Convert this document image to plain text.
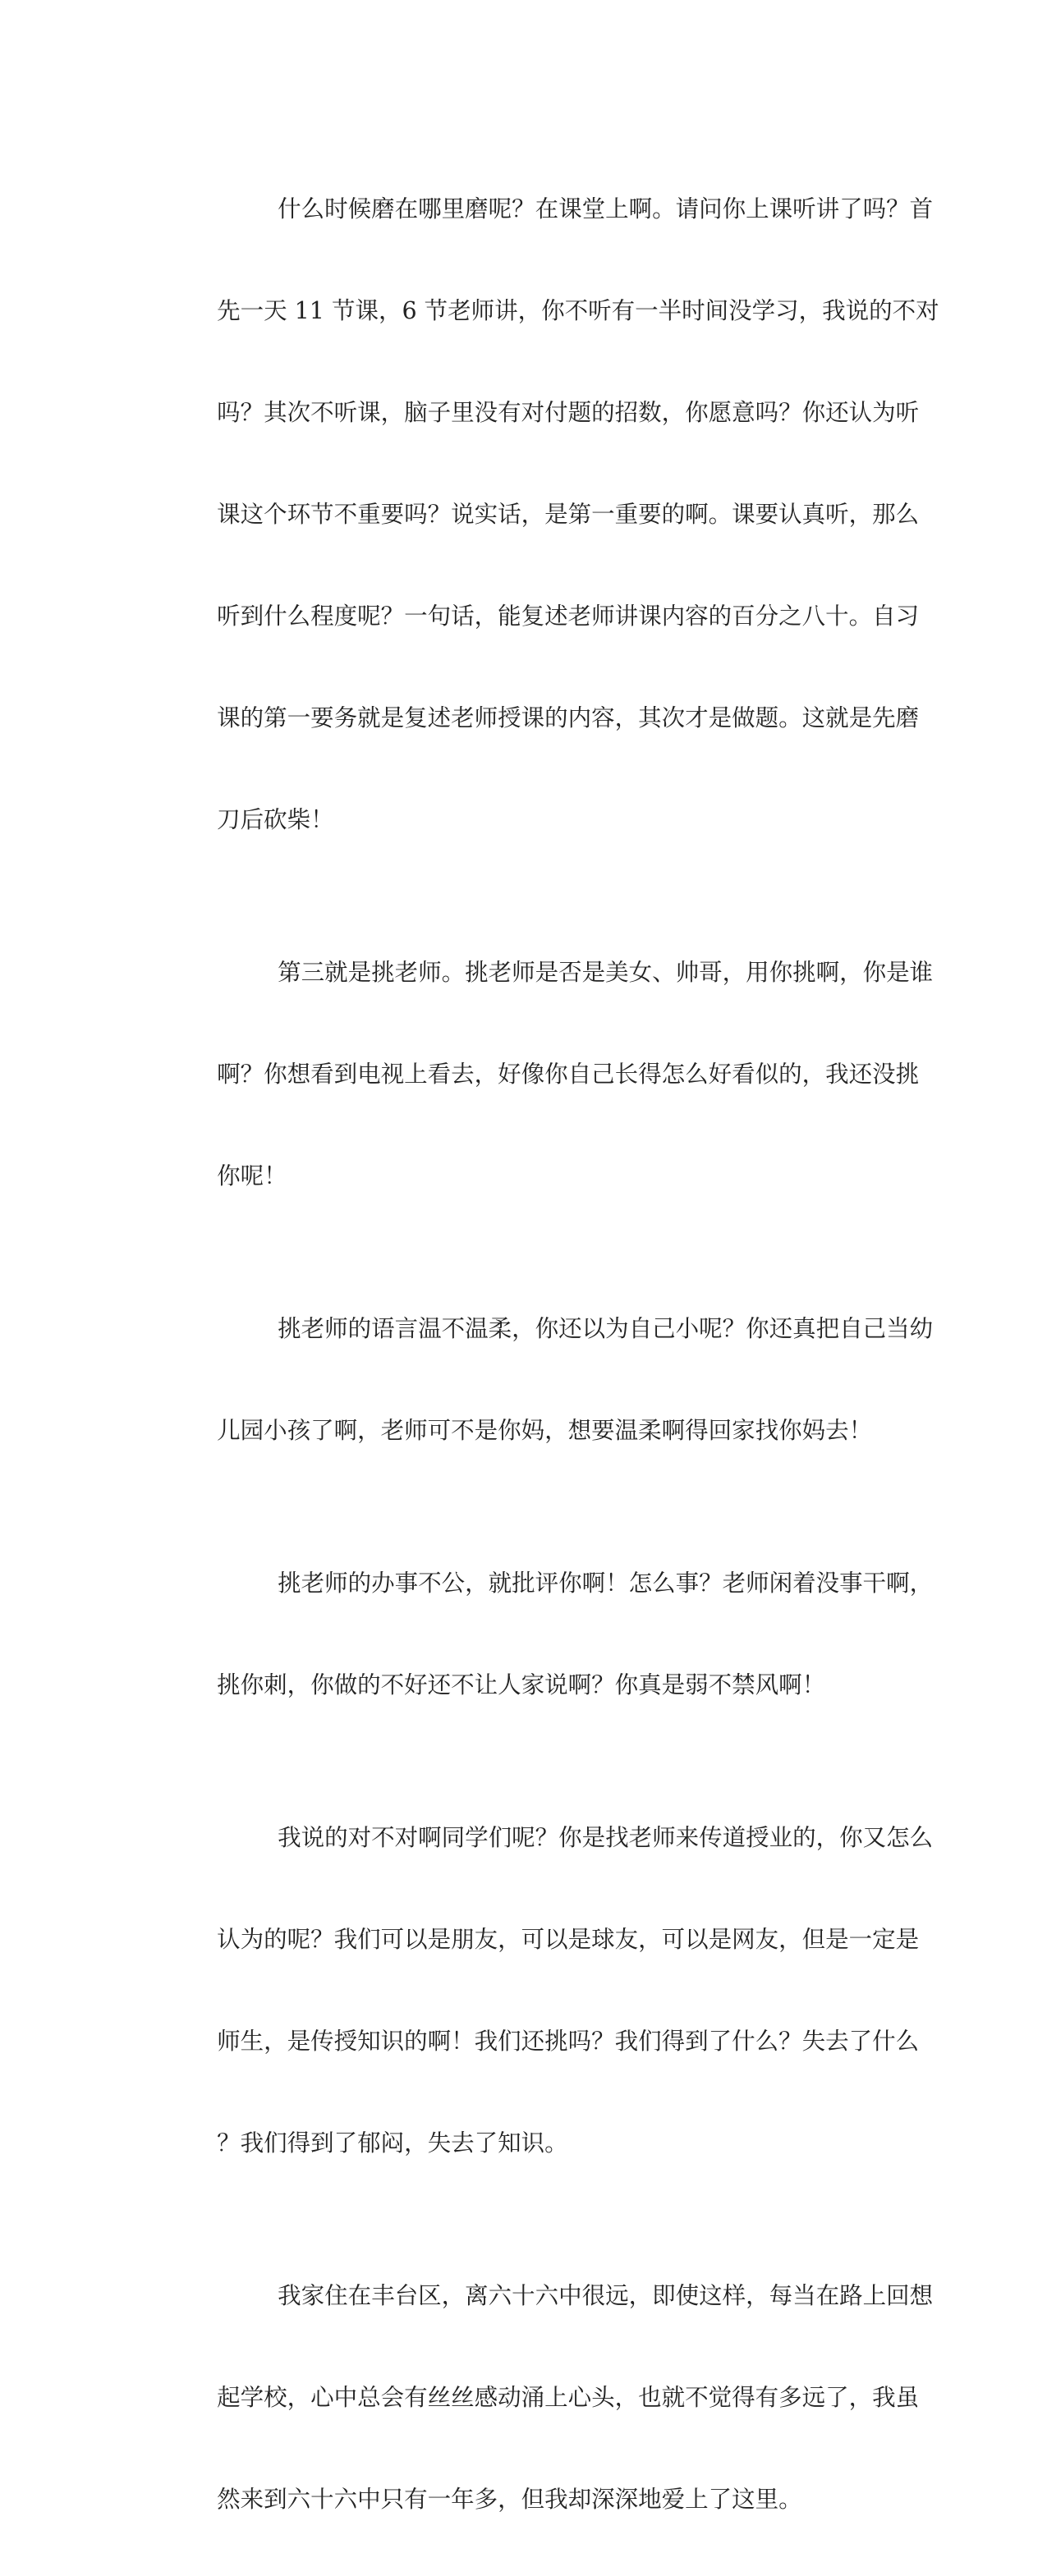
什么时候磨在哪里磨呢？在课堂上啊。请问你上课听讲了吗？首

先一天 11 节课，6 节老师讲，你不听有一半时间没学习，我说的不对

吗？其次不听课，脑子里没有对付题的招数，你愿意吗？你还认为听

课这个环节不重要吗？说实话，是第一重要的啊。课要认真听，那么

听到什么程度呢？一句话，能复述老师讲课内容的百分之八十。自习

课的第一要务就是复述老师授课的内容，其次才是做题。这就是先磨

刀后砍柴！

第三就是挑老师。挑老师是否是美女、帅哥，用你挑啊，你是谁

啊？你想看到电视上看去，好像你自己长得怎么好看似的，我还没挑

你呢！

挑老师的语言温不温柔，你还以为自己小呢？你还真把自己当幼

儿园小孩了啊，老师可不是你妈，想要温柔啊得回家找你妈去！

挑老师的办事不公，就批评你啊！怎么事？老师闲着没事干啊，

挑你刺，你做的不好还不让人家说啊？你真是弱不禁风啊！

我说的对不对啊同学们呢？你是找老师来传道授业的，你又怎么

认为的呢？我们可以是朋友，可以是球友，可以是网友，但是一定是

师生，是传授知识的啊！我们还挑吗？我们得到了什么？失去了什么

？我们得到了郁闷，失去了知识。

我家住在丰台区，离六十六中很远，即使这样，每当在路上回想

起学校，心中总会有丝丝感动涌上心头，也就不觉得有多远了，我虽

然来到六十六中只有一年多，但我却深深地爱上了这里。
